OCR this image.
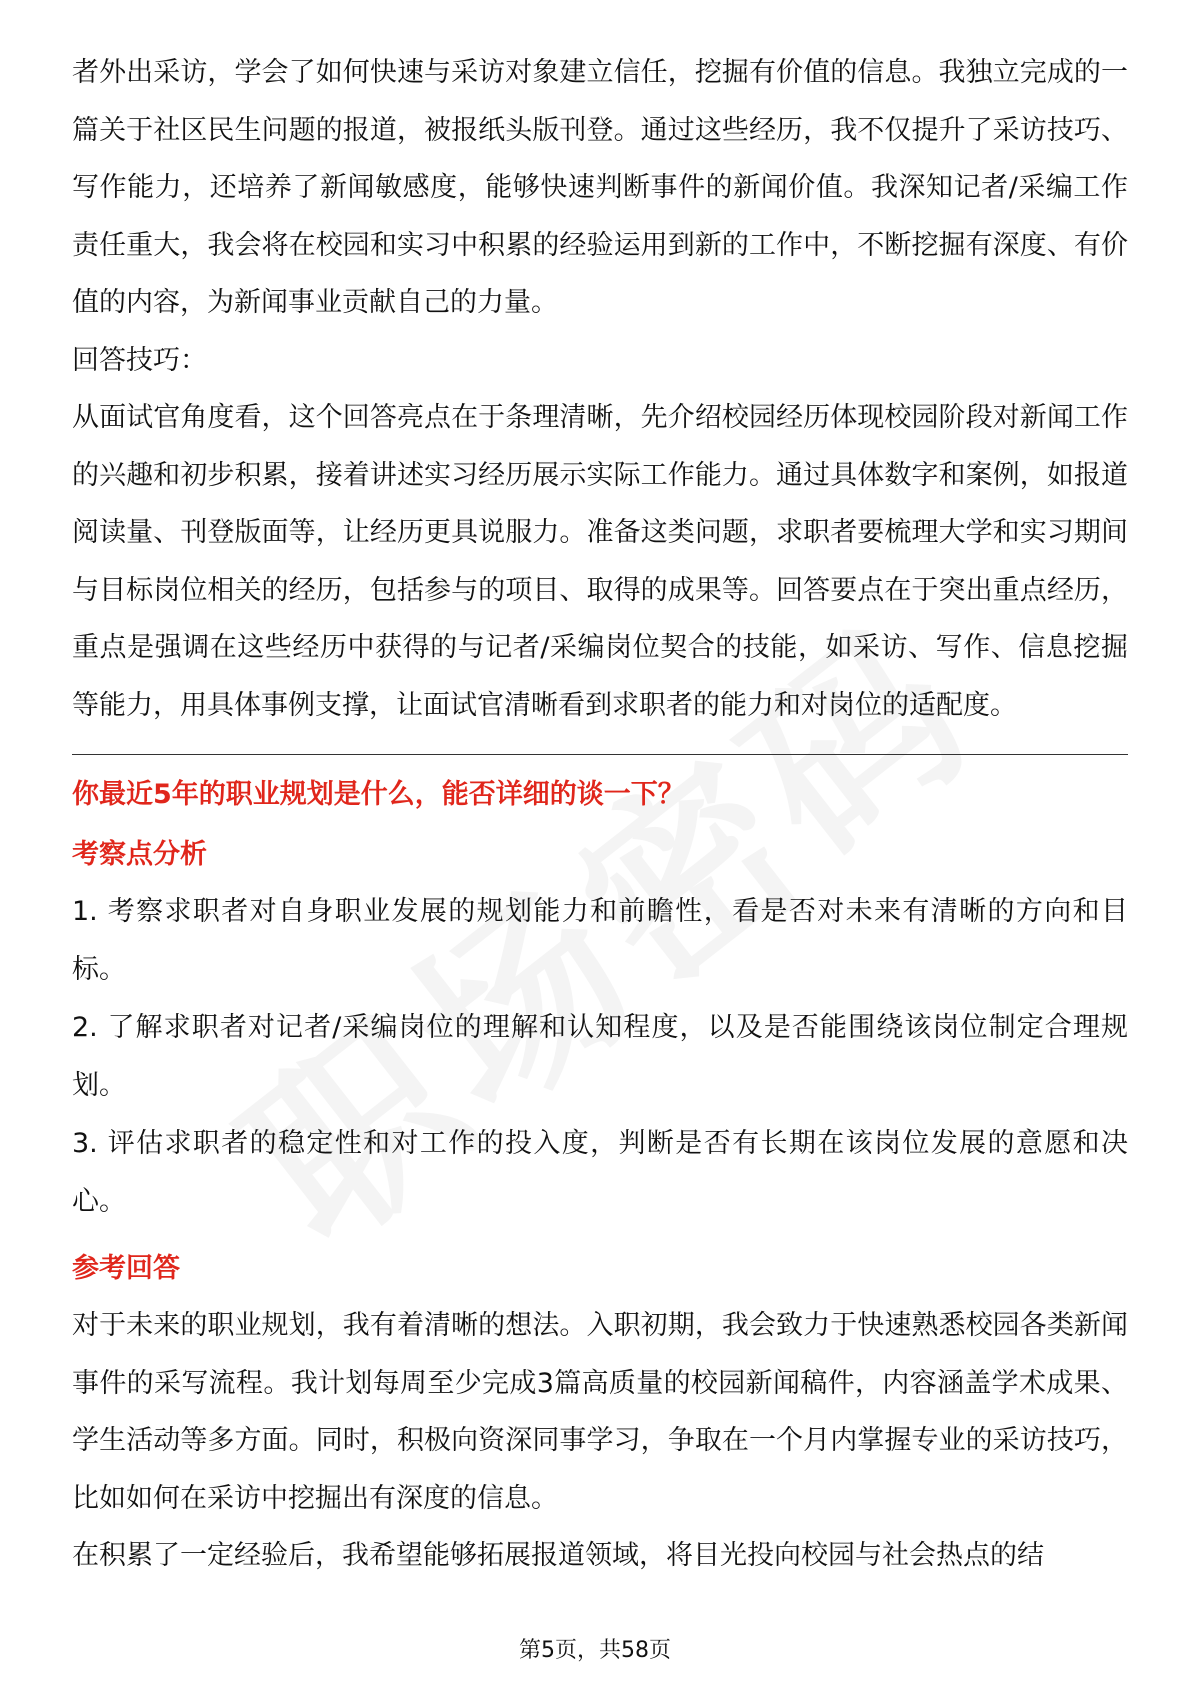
者外出采访，学会了如何快速与采访对象建立信任，挖掘有价值的信息。我独立完成的一篇关于社区民生问题的报道，被报纸头版刊登。通过这些经历，我不仅提升了采访技巧、写作能力，还培养了新闻敏感度，能够快速判断事件的新闻价值。我深知记者/采编工作责任重大，我会将在校园和实习中积累的经验运用到新的工作中，不断挖掘有深度、有价值的内容，为新闻事业贡献自己的力量。

回答技巧：

从面试官角度看，这个回答亮点在于条理清晰，先介绍校园经历体现校园阶段对新闻工作的兴趣和初步积累，接着讲述实习经历展示实际工作能力。通过具体数字和案例，如报道阅读量、刊登版面等，让经历更具说服力。准备这类问题，求职者要梳理大学和实习期间与目标岗位相关的经历，包括参与的项目、取得的成果等。回答要点在于突出重点经历，重点是强调在这些经历中获得的与记者/采编岗位契合的技能，如采访、写作、信息挖掘等能力，用具体事例支撑，让面试官清晰看到求职者的能力和对岗位的适配度。

你最近5年的职业规划是什么，能否详细的谈一下？

考察点分析

1. 考察求职者对自身职业发展的规划能力和前瞻性，看是否对未来有清晰的方向和目标。

2. 了解求职者对记者/采编岗位的理解和认知程度，以及是否能围绕该岗位制定合理规划。

3. 评估求职者的稳定性和对工作的投入度，判断是否有长期在该岗位发展的意愿和决心。

参考回答

对于未来的职业规划，我有着清晰的想法。入职初期，我会致力于快速熟悉校园各类新闻事件的采写流程。我计划每周至少完成3篇高质量的校园新闻稿件，内容涵盖学术成果、学生活动等多方面。同时，积极向资深同事学习，争取在一个月内掌握专业的采访技巧，比如如何在采访中挖掘出有深度的信息。

在积累了一定经验后，我希望能够拓展报道领域，将目光投向校园与社会热点的结

第5页，共58页
